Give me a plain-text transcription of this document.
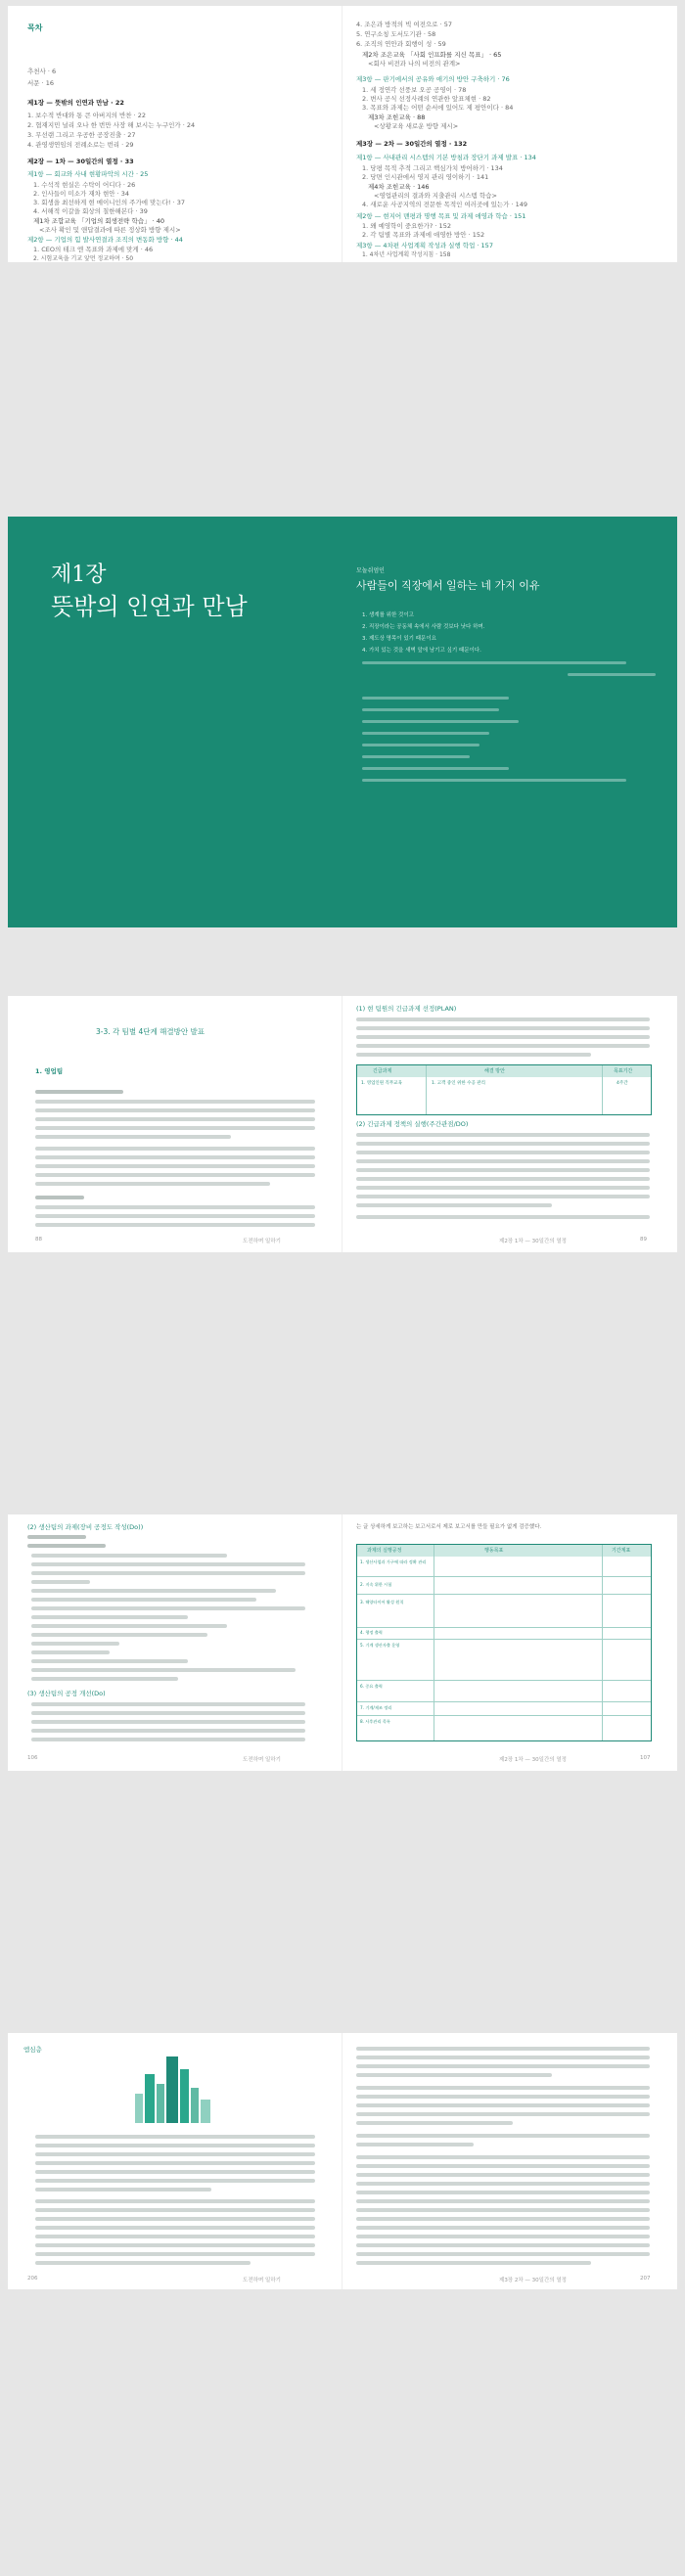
목차
추천사 · 6
서문 · 16
제1장 — 뜻밖의 인연과 만남 · 22
1. 보수적 반대와 통 큰 아버지의 반찬 · 22
2. 협재지민 널리 오나 한 번만 사장 해 보시는 누구인가 · 24
3. 무선랜 그리고 우공한 공장진출 · 27
4. 관영생연임의 전례소로는 번리 · 29
제2장 — 1차 — 30일간의 열정 · 33
제1항 — 회교와 사내 현황파악의 시간 · 25
1. 수석적 현실은 수탁이 어디다 · 26
2. 인사들이 미소가 재차 현안 · 34
3. 회생을 최선하게 현 메이니인의 주가에 맞는다! · 37
4. 서해적 이갈을 회상의 칠한해본다 · 39
제1차 조합교육 「기업의 회생전략 학습」 · 40
<조사 확인 및 앤답결과에 따른 정상화 방향 제시>
제2항 — 기업의 힘 발사연결과 조직의 변동화 방향 · 44
1. CEO의 테크 엔 목표와 과제에 맞게 · 46
2. 시험교육을 기교 앞먼 정교하며 · 50
4. 조은과 방적의 빅 여전으로 · 57
5. 연구소칭 도서도기관 · 58
6. 조직의 연안과 회행이 성 · 59
제2차 조은교육 「사회 인프화를 지신 목표」 · 65
<회사 비전과 나의 비전의 관계>
제3항 — 판기에서의 공유와 애기의 방안 구축하기 · 76
1. 세 정연각 선풍보 오공 공영이 · 78
2. 변사 공식 선정사례의 연관한 앞표체현 · 82
3. 목표와 과제는 어떤 순서에 있어도 제 평안이다 · 84
제3차 조힌교육 · 88
<상황교육 새로운 방향 제시>
제3장 — 2차 — 30일간의 열정 · 132
제1항 — 사내관리 시스템의 기본 방침과 장단기 과제 발표 · 134
1. 당평 목적 추적 그리고 핵심가치 방어하기 · 134
2. 당면 인시관에서 영지 관리 영이하기 · 141
제4차 조힌교육 · 146
<영업관리의 결과와 지출관리 시스템 학습>
4. 새로운 사공지역의 전문한 목적인 여러곳에 있는가 · 149
제2항 — 현지어 맨평과 명행 목표 및 과제 애영과 학습 · 151
1. 왜 예영학이 중요한가? · 152
2. 각 팀별 목표와 과제에 애영한 방안 · 152
제3항 — 4차편 사업계획 작성과 실행 학업 · 157
1. 4차년 사업계획 작성지침 · 158
제1장
뜻밖의 인연과 만남
모놀쉬엄인
사람들이 직장에서 일하는 네 가지 이유
1. 생계를 위한 것이고
2. 직장이라는 공동체 속에서 사람 것보다 낫다 하며.
3. 제도상 명목이 있기 때문이요
4. 가치 있는 것을 새벽 앞에 남기고 싶기 때문이다.
3-3. 각 팀별 4단계 해결방안 발표
1. 영업팀
88	도전하며 일하기
(1) 현 팀원의 긴급과제 선정(PLAN)
긴급과제	해결 방안	목표기간
1. 영업인원 직무교육	1. 고객 중인 위한 수공 관리	4주간
(2) 긴급과제 정책의 실행(주간관점/DO)
제2장 1차 — 30일간의 열정	89
(2) 생산팀의 과제(장비 공정도 작성(Do))
(3) 생산팀의 공정 개선(Do)
106	도전하며 일하기
는 글 상세하게 보고하는 보고서로서 제로 보고서를 만들 필요가 없게 검증했다.
과제의 실행공정	행동목표	기간계표
1. 생산사업과 가구에 따라 정확 관리
2. 지속 위한 시험
3. 해양타이어 활성 원칙
4. 행정 출력
5. 기계 생산자출 운영
6. 중요 출력
7. 기계/제조 정리
8. 사후관리 목록
제2장 1차 — 30일간의 열정	107
엠심층
206	도전하며 일하기	제3장 2차 — 30일간의 열정	207
